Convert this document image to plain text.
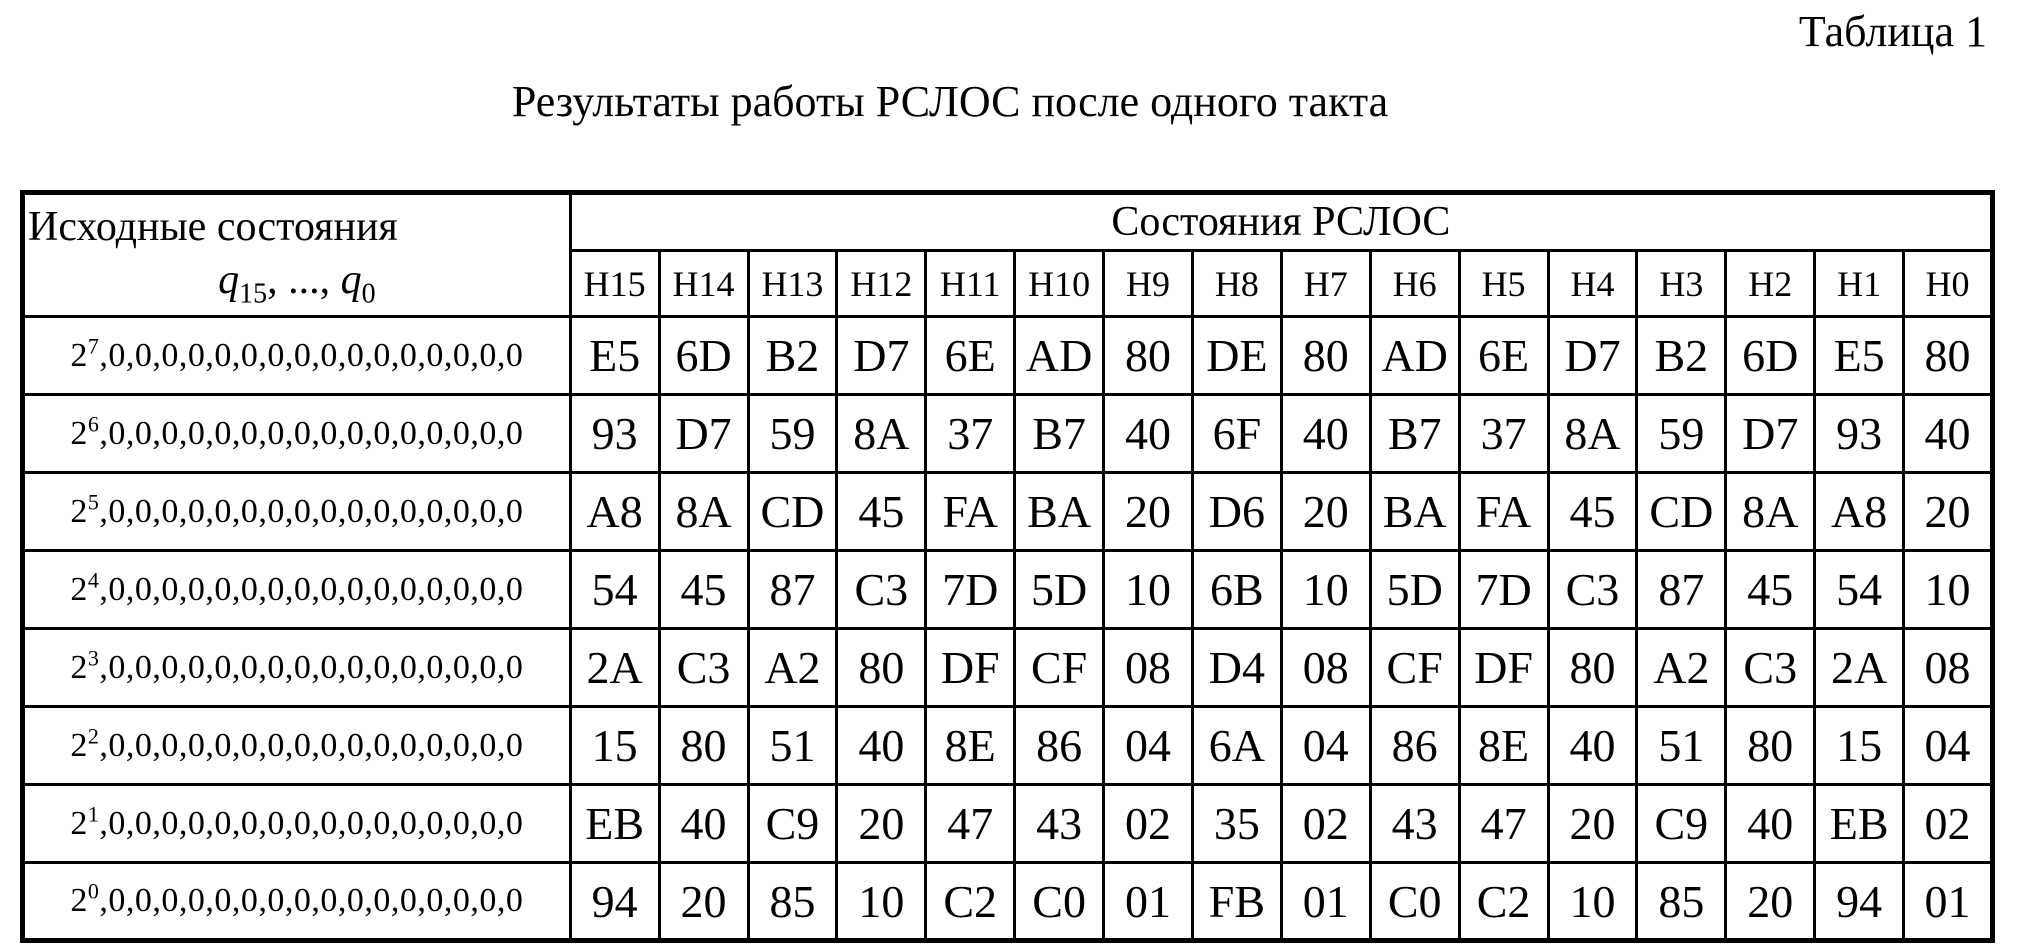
Таблица 1
Результаты работы РСЛОС после одного такта
Исходные состояния
$q_{15}$, ..., $q_0$	Состояния РСЛОС															
	H15	H14	H13	H12	H11	H10	H9	H8	H7	H6	H5	H4	H3	H2	H1	H0
$2^7,0,0,0,0,0,0,0,0,0,0,0,0,0,0,0,0$	E5	6D	B2	D7	6E	AD	80	DE	80	AD	6E	D7	B2	6D	E5	80
$2^6,0,0,0,0,0,0,0,0,0,0,0,0,0,0,0,0$	93	D7	59	8A	37	B7	40	6F	40	B7	37	8A	59	D7	93	40
$2^5,0,0,0,0,0,0,0,0,0,0,0,0,0,0,0,0$	A8	8A	CD	45	FA	BA	20	D6	20	BA	FA	45	CD	8A	A8	20
$2^4,0,0,0,0,0,0,0,0,0,0,0,0,0,0,0,0$	54	45	87	C3	7D	5D	10	6B	10	5D	7D	C3	87	45	54	10
$2^3,0,0,0,0,0,0,0,0,0,0,0,0,0,0,0,0$	2A	C3	A2	80	DF	CF	08	D4	08	CF	DF	80	A2	C3	2A	08
$2^2,0,0,0,0,0,0,0,0,0,0,0,0,0,0,0,0$	15	80	51	40	8E	86	04	6A	04	86	8E	40	51	80	15	04
$2^1,0,0,0,0,0,0,0,0,0,0,0,0,0,0,0,0$	EB	40	C9	20	47	43	02	35	02	43	47	20	C9	40	EB	02
$2^0,0,0,0,0,0,0,0,0,0,0,0,0,0,0,0,0$	94	20	85	10	C2	C0	01	FB	01	C0	C2	10	85	20	94	01
